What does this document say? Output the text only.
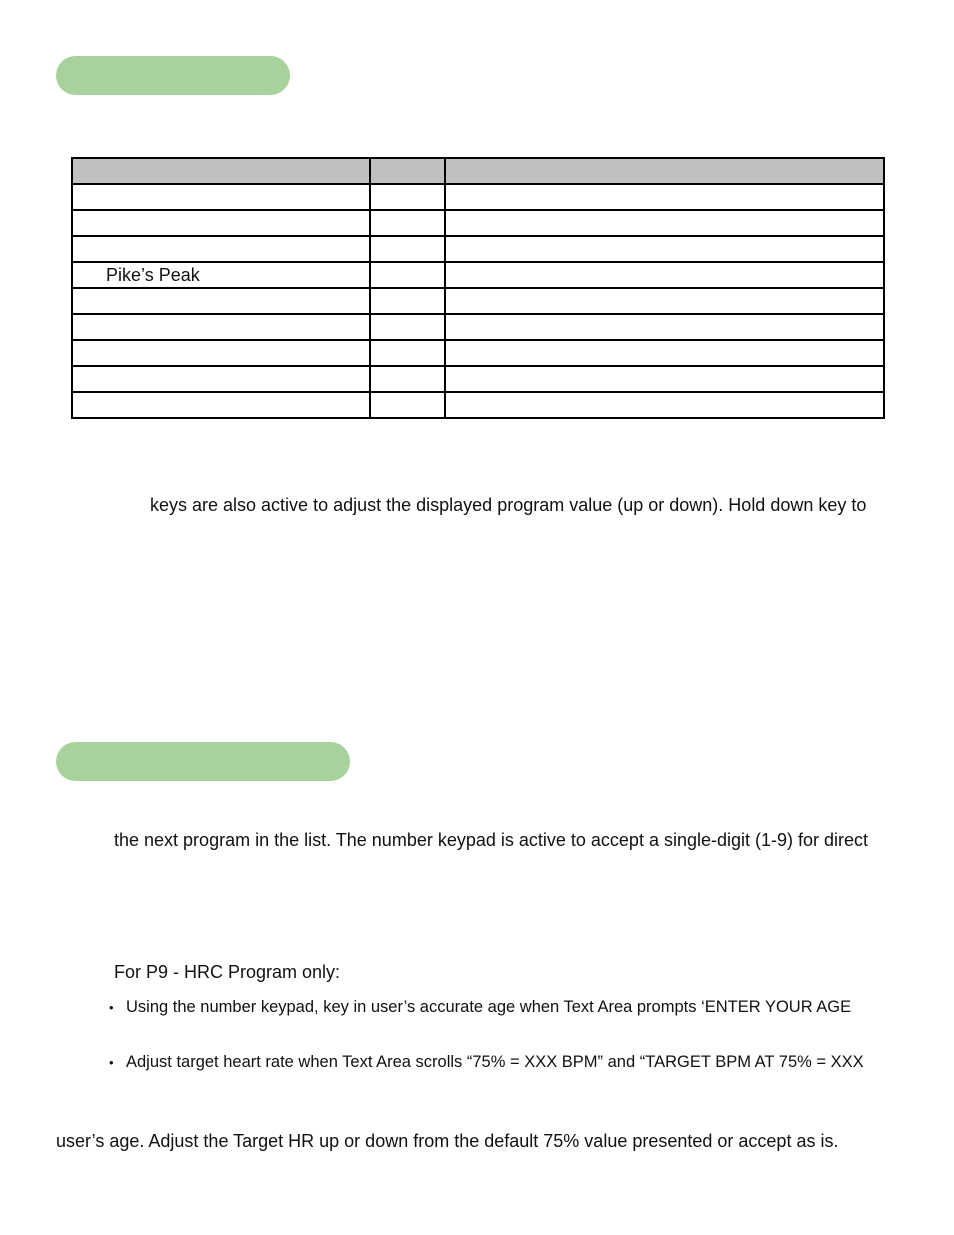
Pike’s Peak		

keys are also active to adjust the displayed program value (up or down). Hold down key to
the next program in the list. The number keypad is active to accept a single-digit (1-9) for direct
For P9 - HRC Program only:
• Using the number keypad, key in user’s accurate age when Text Area prompts ‘ENTER YOUR AGE
• Adjust target heart rate when Text Area scrolls “75% = XXX BPM” and “TARGET BPM AT 75% = XXX
user’s age. Adjust the Target HR up or down from the default 75% value presented or accept as is.
